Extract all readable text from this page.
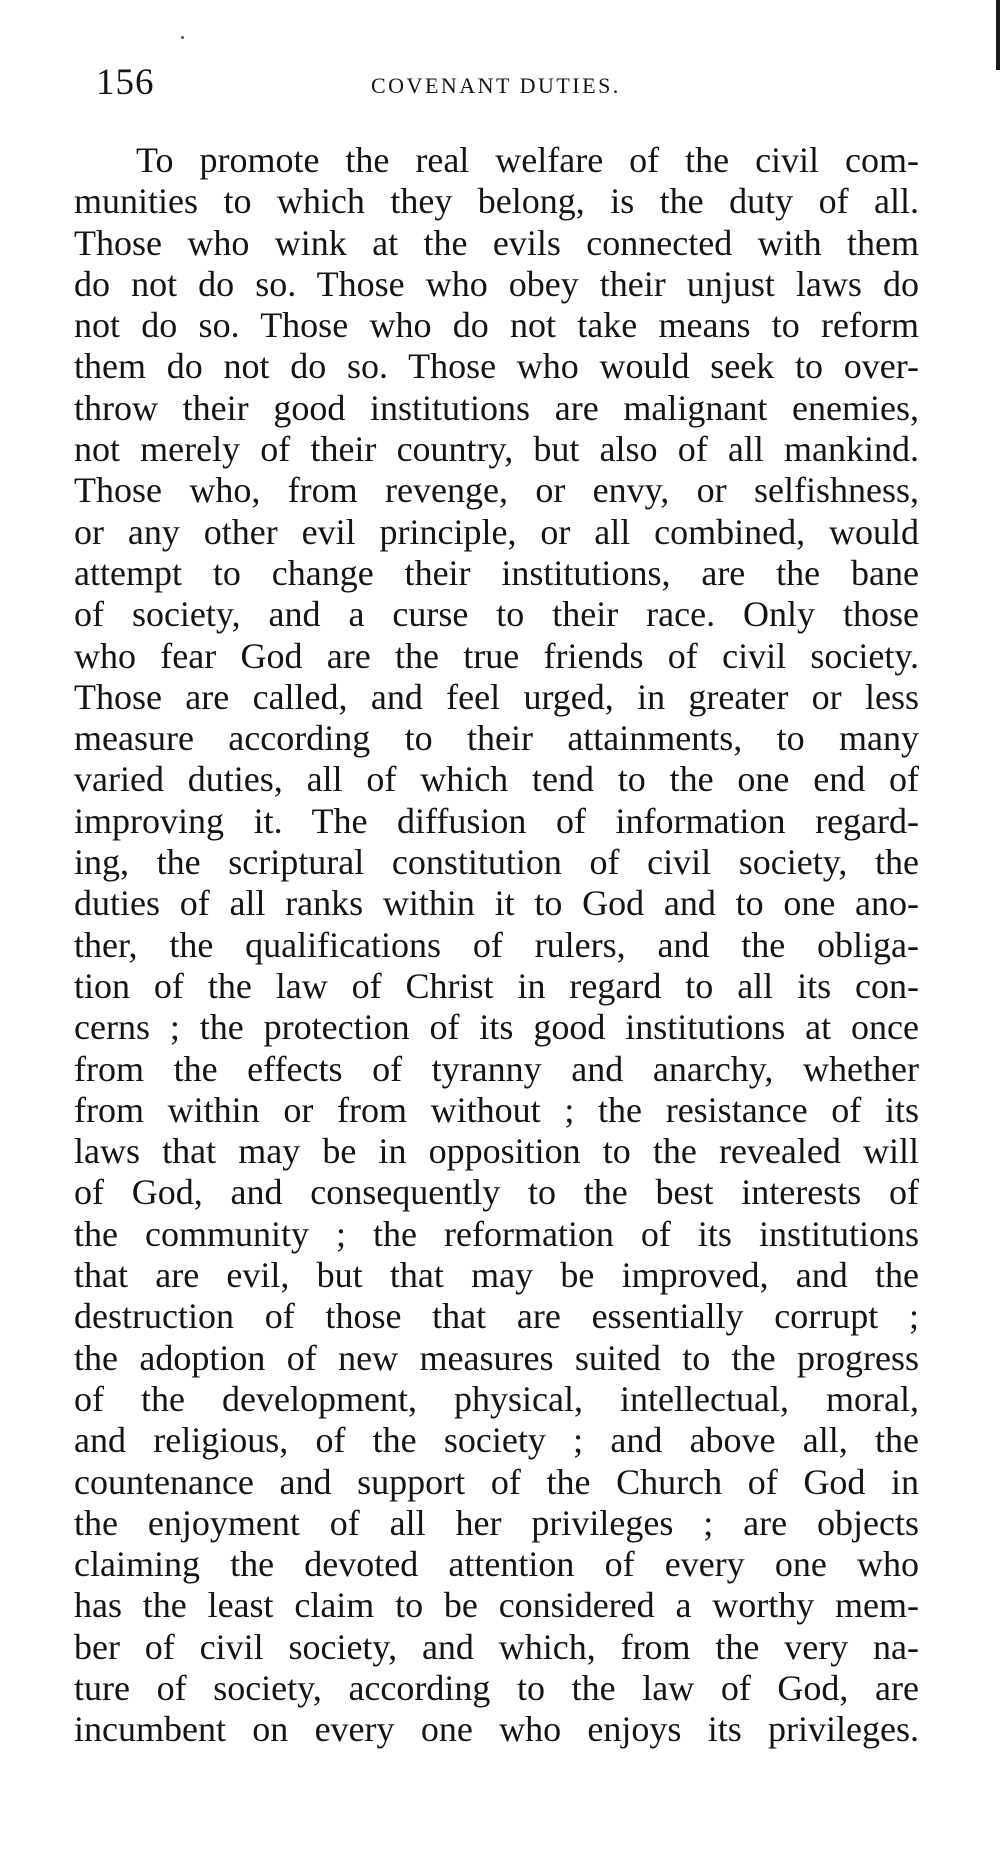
156	COVENANT DUTIES.
To promote the real welfare of the civil com-
munities to which they belong, is the duty of all.
Those who wink at the evils connected with them
do not do so. Those who obey their unjust laws do
not do so. Those who do not take means to reform
them do not do so. Those who would seek to over-
throw their good institutions are malignant enemies,
not merely of their country, but also of all mankind.
Those who, from revenge, or envy, or selfishness,
or any other evil principle, or all combined, would
attempt to change their institutions, are the bane
of society, and a curse to their race. Only those
who fear God are the true friends of civil society.
Those are called, and feel urged, in greater or less
measure according to their attainments, to many
varied duties, all of which tend to the one end of
improving it. The diffusion of information regard-
ing, the scriptural constitution of civil society, the
duties of all ranks within it to God and to one ano-
ther, the qualifications of rulers, and the obliga-
tion of the law of Christ in regard to all its con-
cerns ; the protection of its good institutions at once
from the effects of tyranny and anarchy, whether
from within or from without ; the resistance of its
laws that may be in opposition to the revealed will
of God, and consequently to the best interests of
the community ; the reformation of its institutions
that are evil, but that may be improved, and the
destruction of those that are essentially corrupt ;
the adoption of new measures suited to the progress
of the development, physical, intellectual, moral,
and religious, of the society ; and above all, the
countenance and support of the Church of God in
the enjoyment of all her privileges ; are objects
claiming the devoted attention of every one who
has the least claim to be considered a worthy mem-
ber of civil society, and which, from the very na-
ture of society, according to the law of God, are
incumbent on every one who enjoys its privileges.
